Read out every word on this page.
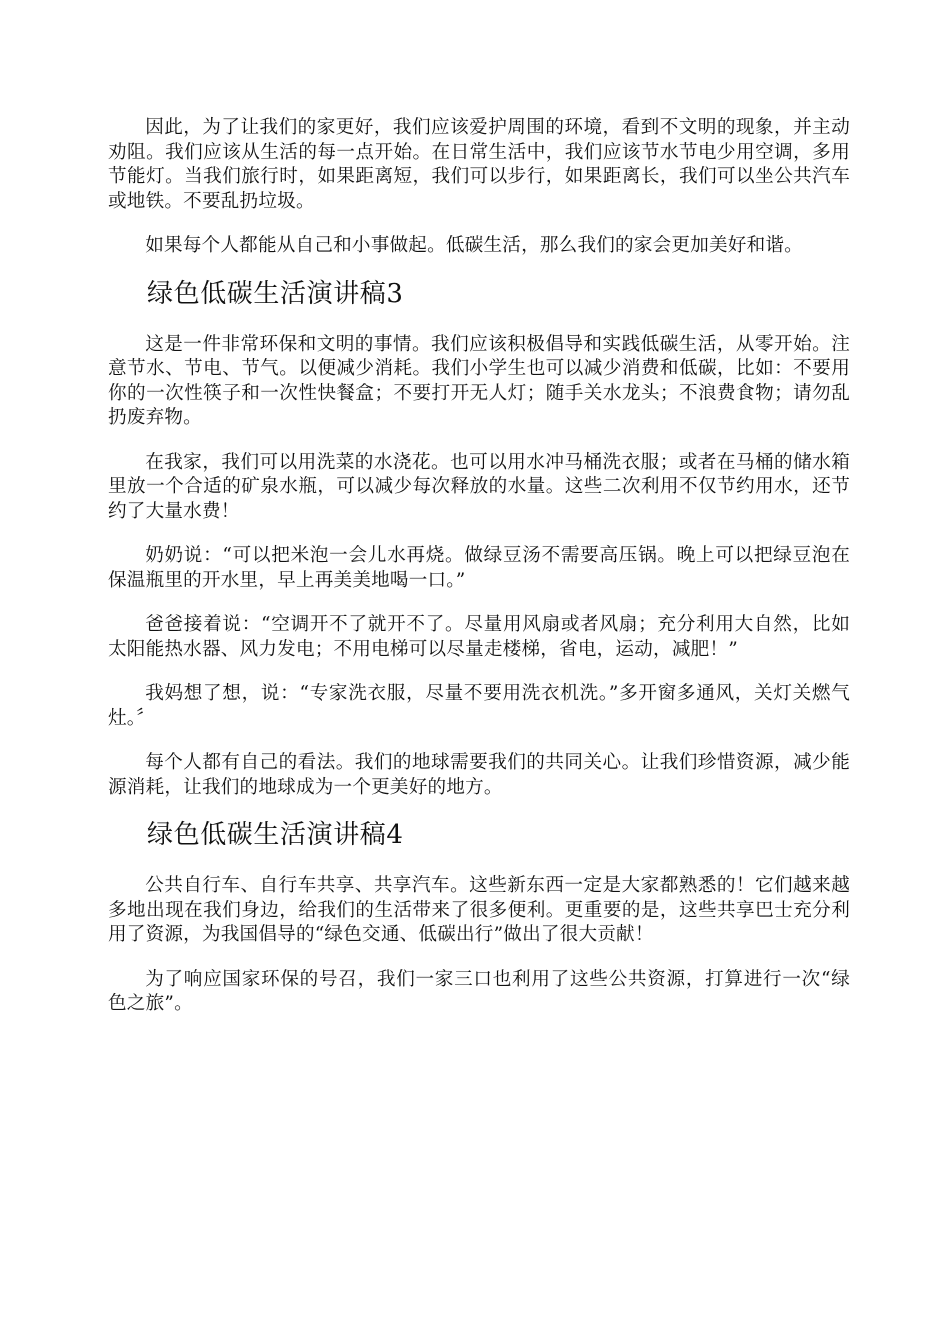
因此，为了让我们的家更好，我们应该爱护周围的环境，看到不文明的现象，并主动劝阻。我们应该从生活的每一点开始。在日常生活中，我们应该节水节电少用空调，多用节能灯。当我们旅行时，如果距离短，我们可以步行，如果距离长，我们可以坐公共汽车或地铁。不要乱扔垃圾。

如果每个人都能从自己和小事做起。低碳生活，那么我们的家会更加美好和谐。

绿色低碳生活演讲稿3

这是一件非常环保和文明的事情。我们应该积极倡导和实践低碳生活，从零开始。注意节水、节电、节气。以便减少消耗。我们小学生也可以减少消费和低碳，比如：不要用你的一次性筷子和一次性快餐盒；不要打开无人灯；随手关水龙头；不浪费食物；请勿乱扔废弃物。

在我家，我们可以用洗菜的水浇花。也可以用水冲马桶洗衣服；或者在马桶的储水箱里放一个合适的矿泉水瓶，可以减少每次释放的水量。这些二次利用不仅节约用水，还节约了大量水费！

奶奶说：“可以把米泡一会儿水再烧。做绿豆汤不需要高压锅。晚上可以把绿豆泡在保温瓶里的开水里，早上再美美地喝一口。”

爸爸接着说：“空调开不了就开不了。尽量用风扇或者风扇；充分利用大自然，比如太阳能热水器、风力发电；不用电梯可以尽量走楼梯，省电，运动，减肥！”

我妈想了想，说：“专家洗衣服，尽量不要用洗衣机洗。”多开窗多通风，关灯关燃气灶。〞

每个人都有自己的看法。我们的地球需要我们的共同关心。让我们珍惜资源，减少能源消耗，让我们的地球成为一个更美好的地方。

绿色低碳生活演讲稿4

公共自行车、自行车共享、共享汽车。这些新东西一定是大家都熟悉的！它们越来越多地出现在我们身边，给我们的生活带来了很多便利。更重要的是，这些共享巴士充分利用了资源，为我国倡导的“绿色交通、低碳出行”做出了很大贡献！

为了响应国家环保的号召，我们一家三口也利用了这些公共资源，打算进行一次“绿色之旅”。
